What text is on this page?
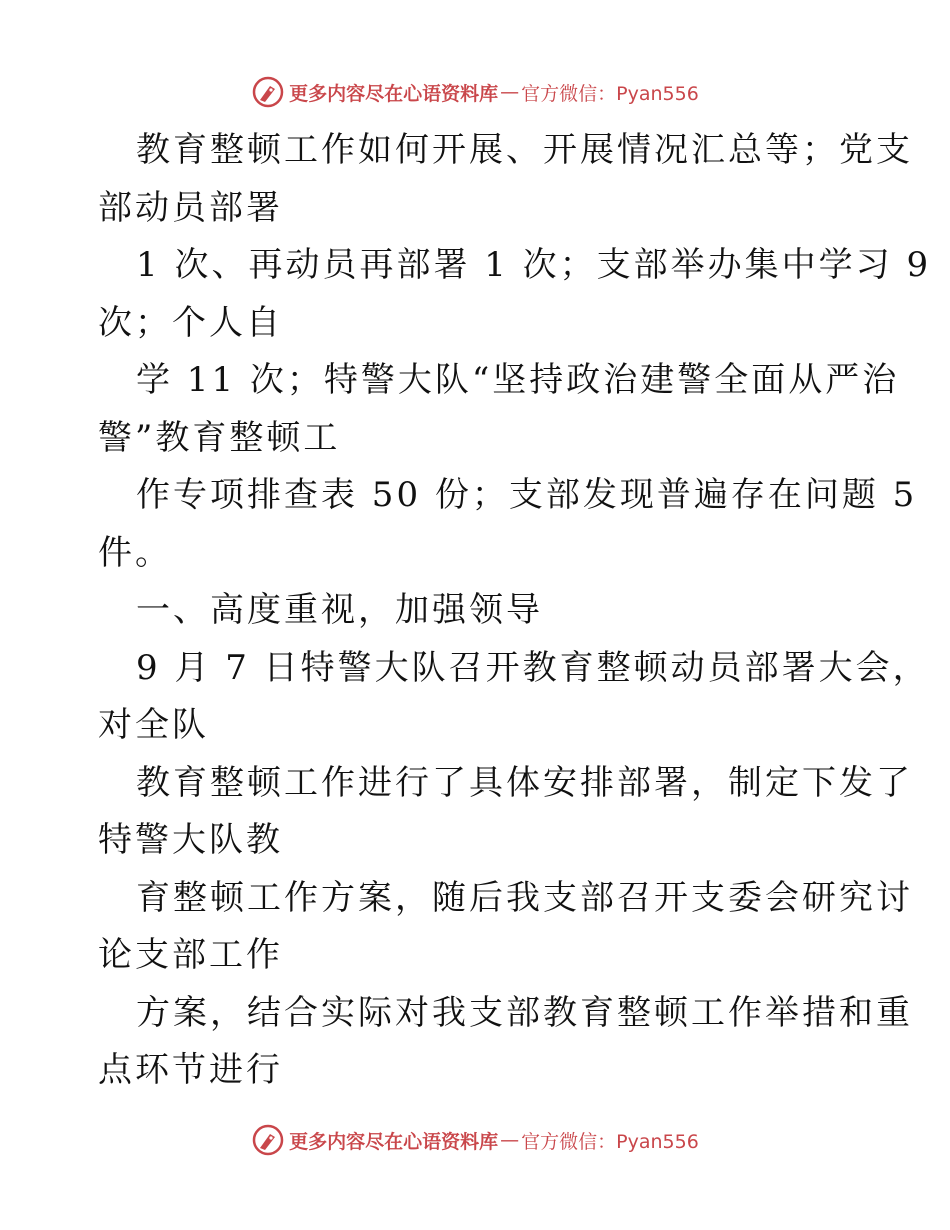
更多内容尽在心语资料库 — 官方微信：Pyan556

教育整顿工作如何开展、开展情况汇总等；党支
部动员部署

1 次、再动员再部署 1 次；支部举办集中学习 9
次；个人自

学 11 次；特警大队“坚持政治建警全面从严治
警”教育整顿工

作专项排查表 50 份；支部发现普遍存在问题 5
件。

一、高度重视，加强领导

9 月 7 日特警大队召开教育整顿动员部署大会，
对全队

教育整顿工作进行了具体安排部署，制定下发了
特警大队教

育整顿工作方案，随后我支部召开支委会研究讨
论支部工作

方案，结合实际对我支部教育整顿工作举措和重
点环节进行

更多内容尽在心语资料库 — 官方微信：Pyan556
